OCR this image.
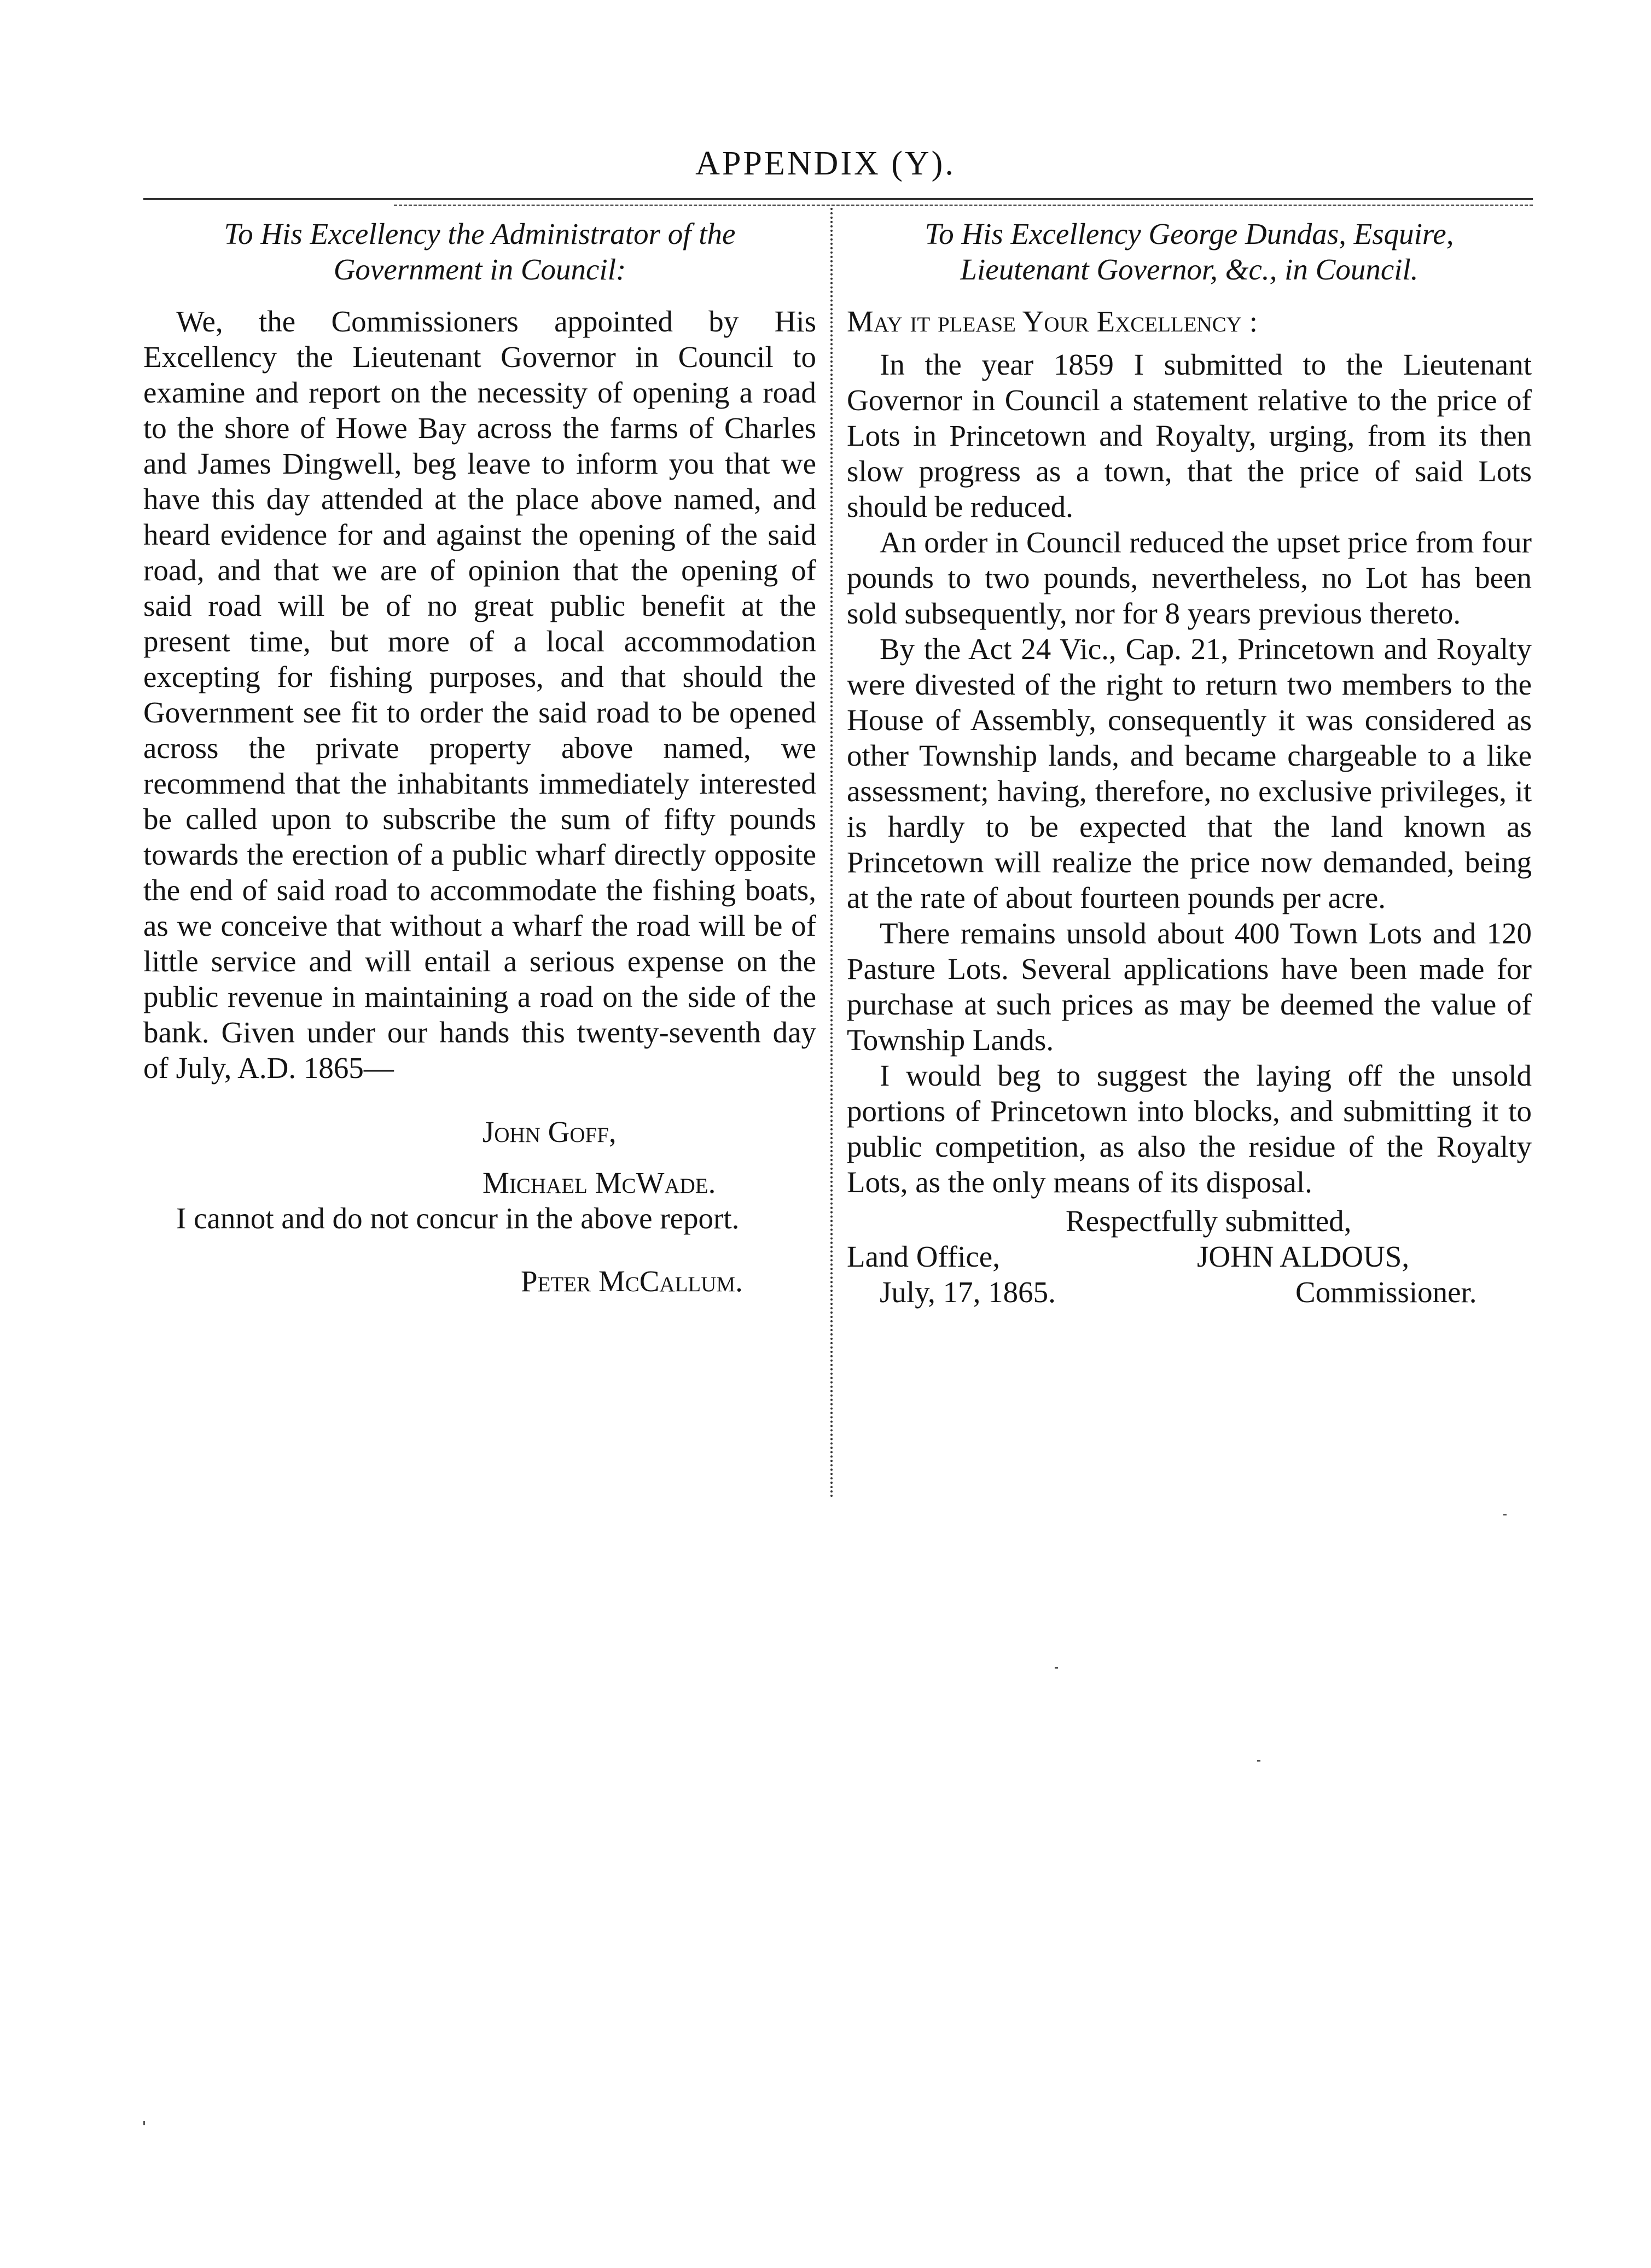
APPENDIX (Y).
To His Excellency the Administrator of the
Government in Council:

We, the Commissioners appointed by His Excellency the Lieutenant Governor in Council to examine and report on the necessity of opening a road to the shore of Howe Bay across the farms of Charles and James Dingwell, beg leave to inform you that we have this day attended at the place above named, and heard evidence for and against the opening of the said road, and that we are of opinion that the opening of said road will be of no great public benefit at the present time, but more of a local accommodation excepting for fishing purposes, and that should the Government see fit to order the said road to be opened across the private property above named, we recommend that the inhabitants immediately interested be called upon to subscribe the sum of fifty pounds towards the erection of a public wharf directly opposite the end of said road to accommodate the fishing boats, as we conceive that without a wharf the road will be of little service and will entail a serious expense on the public revenue in maintaining a road on the side of the bank. Given under our hands this twenty-seventh day of July, A.D. 1865—

John Goff,
Michael McWade.

I cannot and do not concur in the above report.

Peter McCallum.
To His Excellency George Dundas, Esquire,
Lieutenant Governor, &c., in Council.
May it please Your Excellency :

In the year 1859 I submitted to the Lieutenant Governor in Council a statement relative to the price of Lots in Princetown and Royalty, urging, from its then slow progress as a town, that the price of said Lots should be reduced.

An order in Council reduced the upset price from four pounds to two pounds, nevertheless, no Lot has been sold subsequently, nor for 8 years previous thereto.

By the Act 24 Vic., Cap. 21, Princetown and Royalty were divested of the right to return two members to the House of Assembly, consequently it was considered as other Township lands, and became chargeable to a like assessment; having, therefore, no exclusive privileges, it is hardly to be expected that the land known as Princetown will realize the price now demanded, being at the rate of about fourteen pounds per acre.

There remains unsold about 400 Town Lots and 120 Pasture Lots. Several applications have been made for purchase at such prices as may be deemed the value of Township Lands.

I would beg to suggest the laying off the unsold portions of Princetown into blocks, and submitting it to public competition, as also the residue of the Royalty Lots, as the only means of its disposal.

Respectfully submitted,
Land Office,	JOHN ALDOUS,
July, 17, 1865.	Commissioner.
